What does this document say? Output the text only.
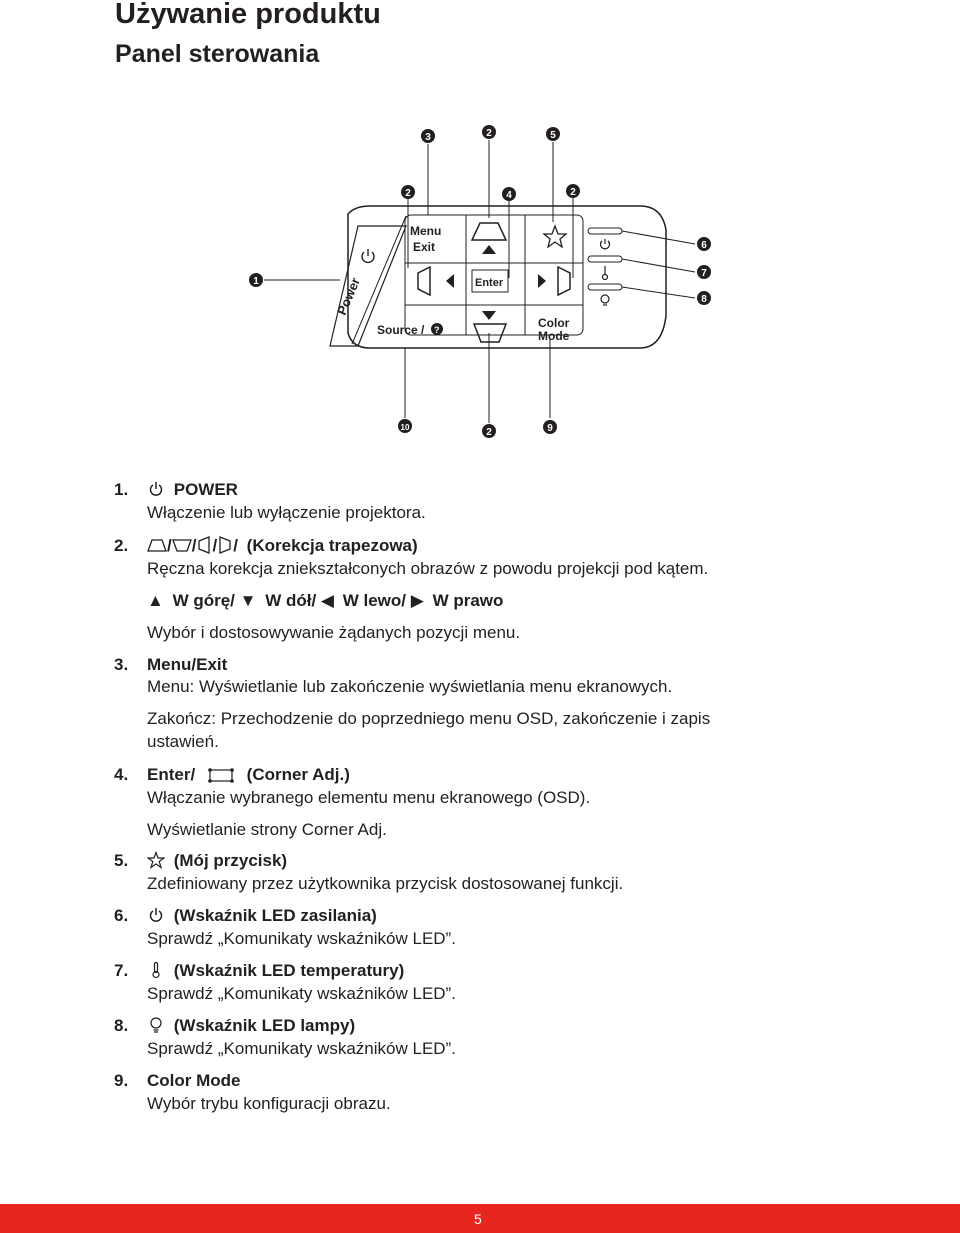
Używanie produktu
Panel sterowania
Menu
Exit
Enter
Source / ?	Color
Mode
Power
3	2	5
2	4	2
1
6
7
8
10	2	9
1.	POWER
Włączenie lub wyłączenie projektora.
2.	/ / / / (Korekcja trapezowa)
Ręczna korekcja zniekształconych obrazów z powodu projekcji pod kątem.
▲ W górę/ ▼ W dół/ ◀ W lewo/ ▶ W prawo
Wybór i dostosowywanie żądanych pozycji menu.
3. Menu/Exit
Menu: Wyświetlanie lub zakończenie wyświetlania menu ekranowych.
Zakończ: Przechodzenie do poprzedniego menu OSD, zakończenie i zapis
ustawień.
4. Enter/	(Corner Adj.)
Włączanie wybranego elementu menu ekranowego (OSD).
Wyświetlanie strony Corner Adj.
5.	(Mój przycisk)
Zdefiniowany przez użytkownika przycisk dostosowanej funkcji.
6.	(Wskaźnik LED zasilania)
Sprawdź „Komunikaty wskaźników LED”.
7.	(Wskaźnik LED temperatury)
Sprawdź „Komunikaty wskaźników LED”.
8.	(Wskaźnik LED lampy)
Sprawdź „Komunikaty wskaźników LED”.
9. Color Mode
Wybór trybu konfiguracji obrazu.
5
